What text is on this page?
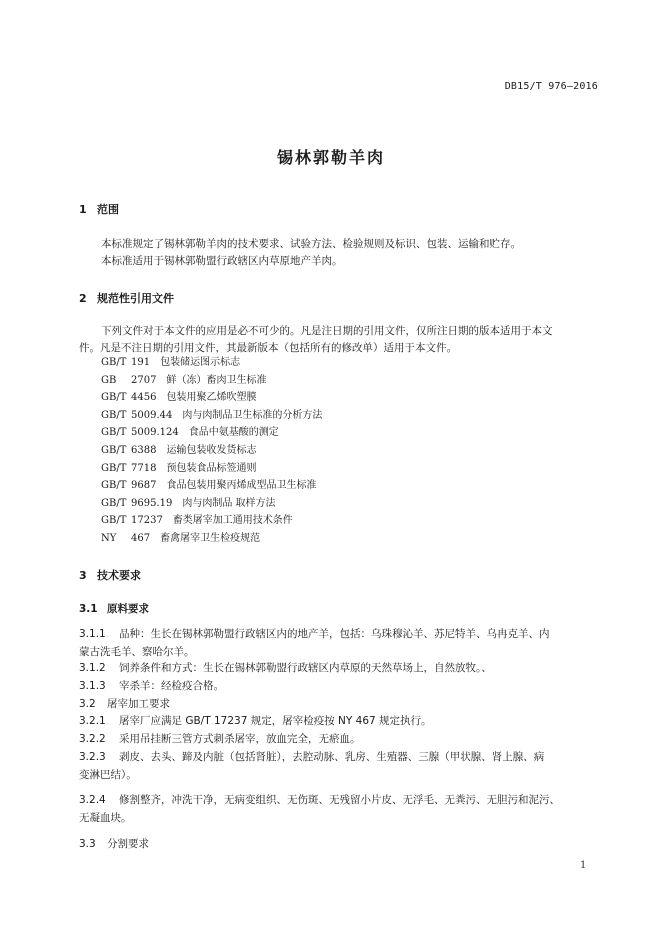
DB15/T 976—2016
锡林郭勒羊肉
1 范围
本标准规定了锡林郭勒羊肉的技术要求、试验方法、检验规则及标识、包装、运输和贮存。
本标准适用于锡林郭勒盟行政辖区内草原地产羊肉。
2 规范性引用文件
下列文件对于本文件的应用是必不可少的。凡是注日期的引用文件，仅所注日期的版本适用于本文
件。凡是不注日期的引用文件，其最新版本（包括所有的修改单）适用于本文件。
GB/T 191 包装储运图示标志
GB 2707 鲜（冻）畜肉卫生标准
GB/T 4456 包装用聚乙烯吹塑膜
GB/T 5009.44 肉与肉制品卫生标准的分析方法
GB/T 5009.124 食品中氨基酸的测定
GB/T 6388 运输包装收发货标志
GB/T 7718 预包装食品标签通则
GB/T 9687 食品包装用聚丙烯成型品卫生标准
GB/T 9695.19 肉与肉制品 取样方法
GB/T 17237 畜类屠宰加工通用技术条件
NY 467 畜禽屠宰卫生检疫规范
3 技术要求
3.1 原料要求
3.1.1 品种：生长在锡林郭勒盟行政辖区内的地产羊，包括：乌珠穆沁羊、苏尼特羊、乌冉克羊、内
蒙古洗毛羊、察哈尔羊。
3.1.2 饲养条件和方式：生长在锡林郭勒盟行政辖区内草原的天然草场上，自然放牧。、
3.1.3 宰杀羊：经检疫合格。
3.2 屠宰加工要求
3.2.1 屠宰厂应满足 GB/T 17237 规定，屠宰检疫按 NY 467 规定执行。
3.2.2 采用吊挂断三管方式刺杀屠宰，放血完全，无瘀血。
3.2.3 剥皮、去头、蹄及内脏（包括肾脏），去腔动脉、乳房、生殖器、三腺（甲状腺、肾上腺、病
变淋巴结）。
3.2.4 修割整齐，冲洗干净，无病变组织、无伤斑、无残留小片皮、无浮毛、无粪污、无胆污和泥污、
无凝血块。
3.3 分割要求
1
